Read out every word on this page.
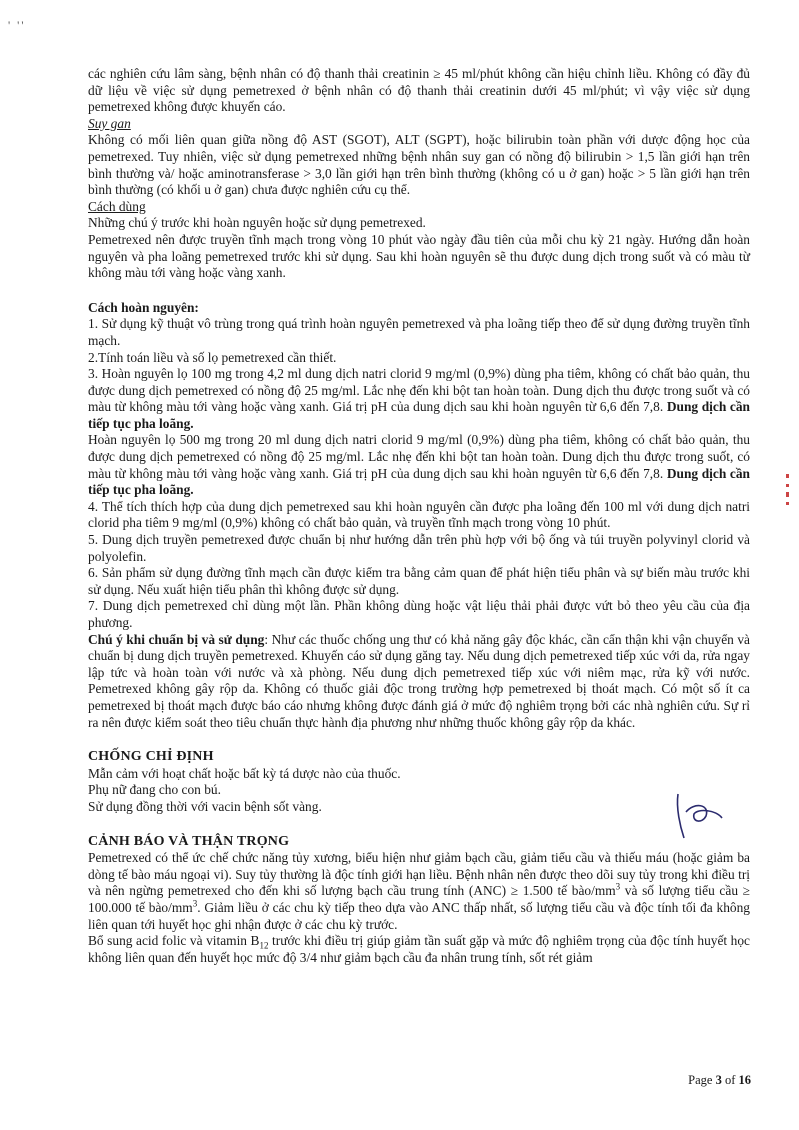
' ''

các nghiên cứu lâm sàng, bệnh nhân có độ thanh thải creatinin ≥ 45 ml/phút không cần hiệu chỉnh liều. Không có đầy đủ dữ liệu về việc sử dụng pemetrexed ở bệnh nhân có độ thanh thải creatinin dưới 45 ml/phút; vì vậy việc sử dụng pemetrexed không được khuyến cáo.

Suy gan

Không có mối liên quan giữa nồng độ AST (SGOT), ALT (SGPT), hoặc bilirubin toàn phần với dược động học của pemetrexed. Tuy nhiên, việc sử dụng pemetrexed những bệnh nhân suy gan có nồng độ bilirubin > 1,5 lần giới hạn trên bình thường và/ hoặc aminotransferase > 3,0 lần giới hạn trên bình thường (không có u ở gan) hoặc > 5 lần giới hạn trên bình thường (có khối u ở gan) chưa được nghiên cứu cụ thể.

Cách dùng

Những chú ý trước khi hoàn nguyên hoặc sử dụng pemetrexed.

Pemetrexed nên được truyền tĩnh mạch trong vòng 10 phút vào ngày đầu tiên của mỗi chu kỳ 21 ngày. Hướng dẫn hoàn nguyên và pha loãng pemetrexed trước khi sử dụng. Sau khi hoàn nguyên sẽ thu được dung dịch trong suốt và có màu từ không màu tới vàng hoặc vàng xanh.

Cách hoàn nguyên:

1. Sử dụng kỹ thuật vô trùng trong quá trình hoàn nguyên pemetrexed và pha loãng tiếp theo để sử dụng đường truyền tĩnh mạch.

2.Tính toán liều và số lọ pemetrexed cần thiết.

3. Hoàn nguyên lọ 100 mg trong 4,2 ml dung dịch natri clorid 9 mg/ml (0,9%) dùng pha tiêm, không có chất bảo quản, thu được dung dịch pemetrexed có nồng độ 25 mg/ml. Lắc nhẹ đến khi bột tan hoàn toàn. Dung dịch thu được trong suốt và có màu từ không màu tới vàng hoặc vàng xanh. Giá trị pH của dung dịch sau khi hoàn nguyên từ 6,6 đến 7,8. Dung dịch cần tiếp tục pha loãng.

Hoàn nguyên lọ 500 mg trong 20 ml dung dịch natri clorid 9 mg/ml (0,9%) dùng pha tiêm, không có chất bảo quản, thu được dung dịch pemetrexed có nồng độ 25 mg/ml. Lắc nhẹ đến khi bột tan hoàn toàn. Dung dịch thu được trong suốt, có màu từ không màu tới vàng hoặc vàng xanh. Giá trị pH của dung dịch sau khi hoàn nguyên từ 6,6 đến 7,8. Dung dịch cần tiếp tục pha loãng.

4. Thể tích thích hợp của dung dịch pemetrexed sau khi hoàn nguyên cần được pha loãng đến 100 ml với dung dịch natri clorid pha tiêm 9 mg/ml (0,9%) không có chất bảo quản, và truyền tĩnh mạch trong vòng 10 phút.

5. Dung dịch truyền pemetrexed được chuẩn bị như hướng dẫn trên phù hợp với bộ ống và túi truyền polyvinyl clorid và polyolefin.

6. Sản phẩm sử dụng đường tĩnh mạch cần được kiểm tra bằng cảm quan để phát hiện tiểu phân và sự biến màu trước khi sử dụng. Nếu xuất hiện tiểu phân thì không được sử dụng.

7. Dung dịch pemetrexed chỉ dùng một lần. Phần không dùng hoặc vật liệu thải phải được vứt bỏ theo yêu cầu của địa phương.

Chú ý khi chuẩn bị và sử dụng: Như các thuốc chống ung thư có khả năng gây độc khác, cần cẩn thận khi vận chuyển và chuẩn bị dung dịch truyền pemetrexed. Khuyến cáo sử dụng găng tay. Nếu dung dịch pemetrexed tiếp xúc với da, rửa ngay lập tức và hoàn toàn với nước và xà phòng. Nếu dung dịch pemetrexed tiếp xúc với niêm mạc, rửa kỹ với nước. Pemetrexed không gây rộp da. Không có thuốc giải độc trong trường hợp pemetrexed bị thoát mạch. Có một số ít ca pemetrexed bị thoát mạch được báo cáo nhưng không được đánh giá ở mức độ nghiêm trọng bởi các nhà nghiên cứu. Sự rỉ ra nên được kiểm soát theo tiêu chuẩn thực hành địa phương như những thuốc không gây rộp da khác.

CHỐNG CHỈ ĐỊNH

Mẫn cảm với hoạt chất hoặc bất kỳ tá dược nào của thuốc.

Phụ nữ đang cho con bú.

Sử dụng đồng thời với vacin bệnh sốt vàng.

CẢNH BÁO VÀ THẬN TRỌNG

Pemetrexed có thể ức chế chức năng tủy xương, biểu hiện như giảm bạch cầu, giảm tiểu cầu và thiếu máu (hoặc giảm ba dòng tế bào máu ngoại vi). Suy tủy thường là độc tính giới hạn liều. Bệnh nhân nên được theo dõi suy tủy trong khi điều trị và nên ngừng pemetrexed cho đến khi số lượng bạch cầu trung tính (ANC) ≥ 1.500 tế bào/$mm^3$ và số lượng tiểu cầu ≥ 100.000 tế bào/$mm^3$. Giảm liều ở các chu kỳ tiếp theo dựa vào ANC thấp nhất, số lượng tiểu cầu và độc tính tối đa không liên quan tới huyết học ghi nhận được ở các chu kỳ trước.

Bổ sung acid folic và vitamin $B_{12}$ trước khi điều trị giúp giảm tần suất gặp và mức độ nghiêm trọng của độc tính huyết học không liên quan đến huyết học mức độ 3/4 như giảm bạch cầu đa nhân trung tính, sốt rét giảm

Page 3 of 16
